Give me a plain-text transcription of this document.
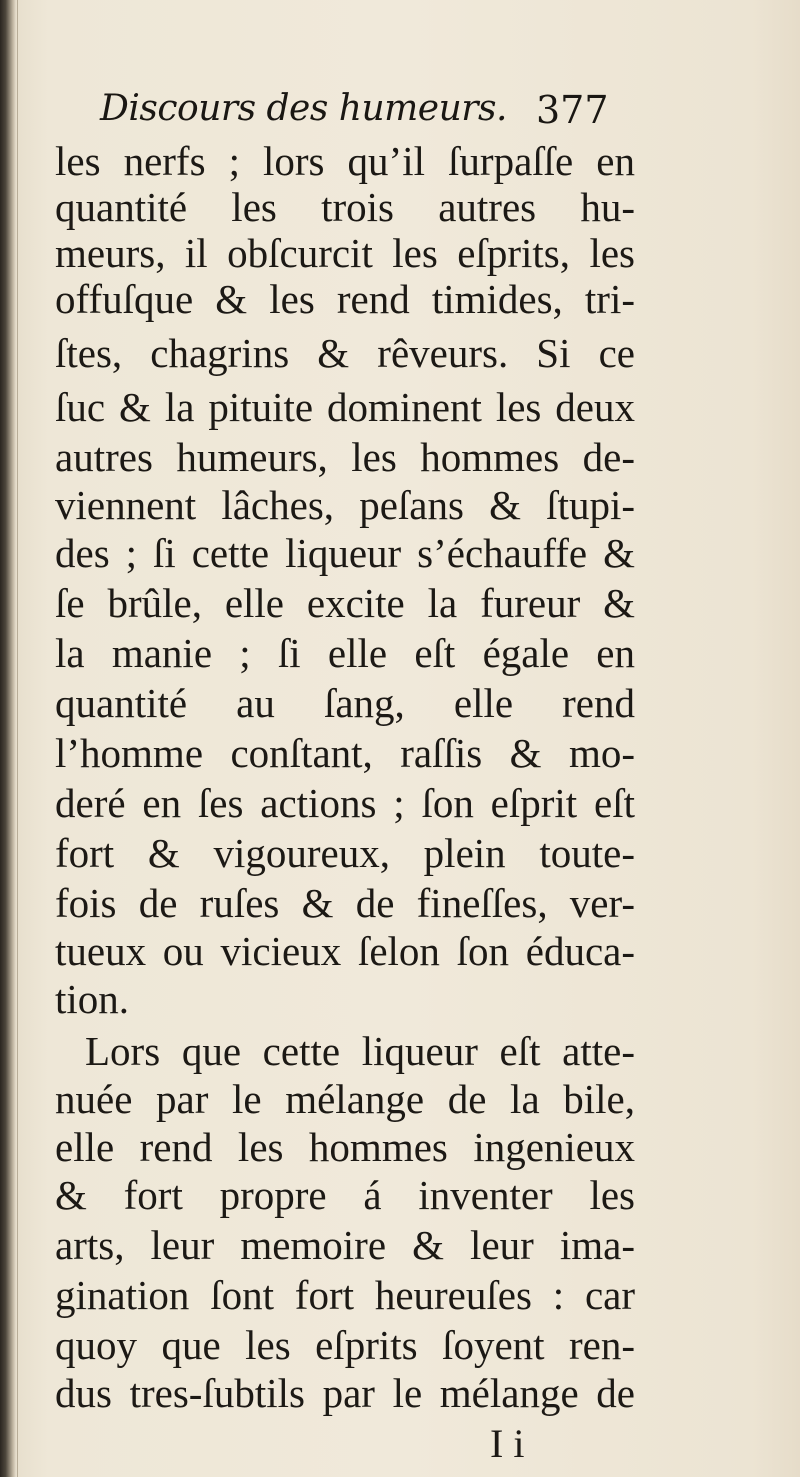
Discours des humeurs. 377
les nerfs ; lors qu’il ſurpaſſe en
quantité les trois autres hu-
meurs, il obſcurcit les eſprits, les
offuſque & les rend timides, tri-
ſtes, chagrins & rêveurs. Si ce
ſuc & la pituite dominent les deux
autres humeurs, les hommes de-
viennent lâches, peſans & ſtupi-
des ; ſi cette liqueur s’échauffe &
ſe brûle, elle excite la fureur &
la manie ; ſi elle eſt égale en
quantité au ſang, elle rend
l’homme conſtant, raſſis & mo-
deré en ſes actions ; ſon eſprit eſt
fort & vigoureux, plein toute-
fois de ruſes & de fineſſes, ver-
tueux ou vicieux ſelon ſon éduca-
tion.
Lors que cette liqueur eſt atte-
nuée par le mélange de la bile,
elle rend les hommes ingenieux
& fort propre á inventer les
arts, leur memoire & leur ima-
gination ſont fort heureuſes : car
quoy que les eſprits ſoyent ren-
dus tres-ſubtils par le mélange de
I i
